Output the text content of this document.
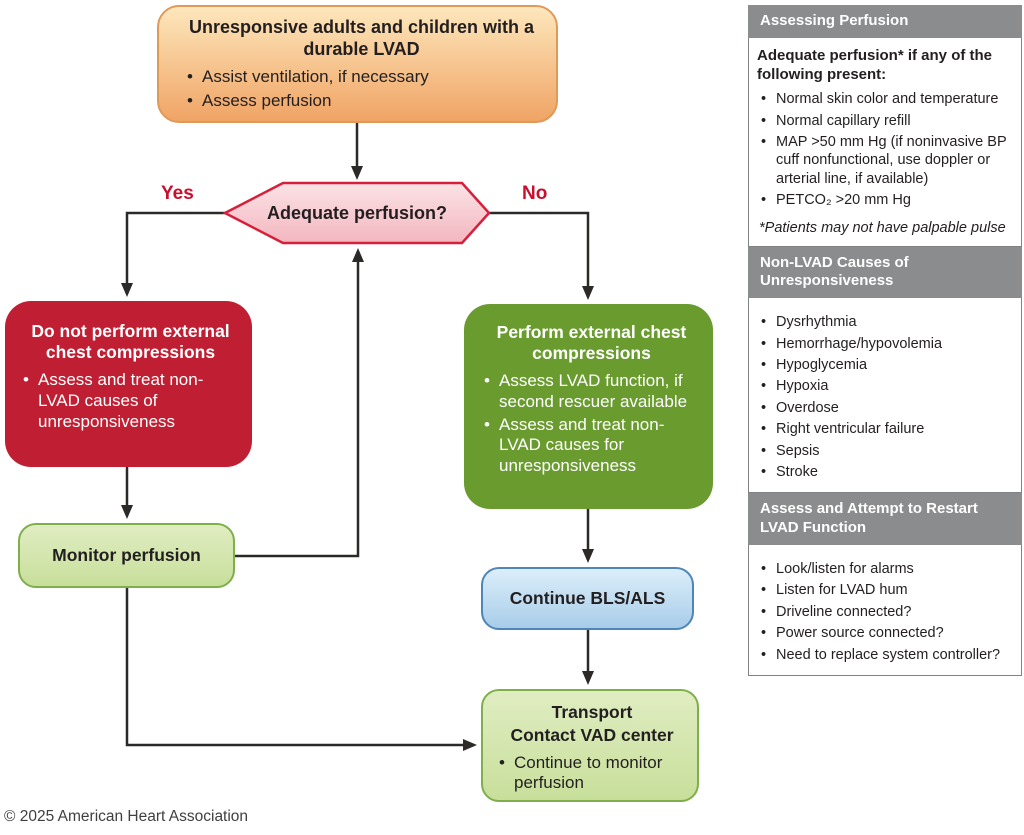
Unresponsive adults and children with a durable LVAD
• Assist ventilation, if necessary
• Assess perfusion
Adequate perfusion?
Yes	No
Do not perform external chest compressions
• Assess and treat non-LVAD causes of unresponsiveness
Perform external chest compressions
• Assess LVAD function, if second rescuer available
• Assess and treat non-LVAD causes for unresponsiveness
Monitor perfusion
Continue BLS/ALS
Transport
Contact VAD center
• Continue to monitor perfusion
Assessing Perfusion

Adequate perfusion* if any of the following present:

• Normal skin color and temperature
• Normal capillary refill
• MAP >50 mm Hg (if noninvasive BP cuff nonfunctional, use doppler or arterial line, if available)
• PETCO₂ >20 mm Hg
*Patients may not have palpable pulse
Non-LVAD Causes of Unresponsiveness
• Dysrhythmia
• Hemorrhage/hypovolemia
• Hypoglycemia
• Hypoxia
• Overdose
• Right ventricular failure
• Sepsis
• Stroke
Assess and Attempt to Restart LVAD Function
• Look/listen for alarms
• Listen for LVAD hum
• Driveline connected?
• Power source connected?
• Need to replace system controller?
© 2025 American Heart Association
